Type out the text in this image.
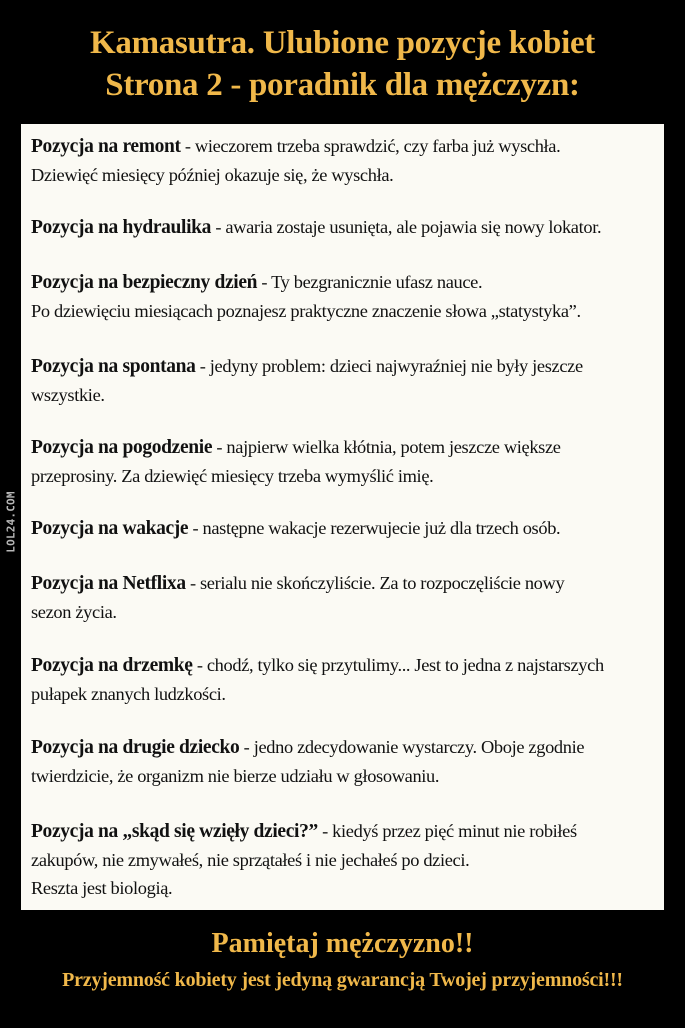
Kamasutra. Ulubione pozycje kobiet
Strona 2 - poradnik dla mężczyzn:
LOL24.COM
Pozycja na remont - wieczorem trzeba sprawdzić, czy farba już wyschła.
Dziewięć miesięcy później okazuje się, że wyschła.
Pozycja na hydraulika - awaria zostaje usunięta, ale pojawia się nowy lokator.
Pozycja na bezpieczny dzień - Ty bezgranicznie ufasz nauce.
Po dziewięciu miesiącach poznajesz praktyczne znaczenie słowa „statystyka”.
Pozycja na spontana - jedyny problem: dzieci najwyraźniej nie były jeszcze
wszystkie.
Pozycja na pogodzenie - najpierw wielka kłótnia, potem jeszcze większe
przeprosiny. Za dziewięć miesięcy trzeba wymyślić imię.
Pozycja na wakacje - następne wakacje rezerwujecie już dla trzech osób.
Pozycja na Netflixa - serialu nie skończyliście. Za to rozpoczęliście nowy
sezon życia.
Pozycja na drzemkę - chodź, tylko się przytulimy... Jest to jedna z najstarszych
pułapek znanych ludzkości.
Pozycja na drugie dziecko - jedno zdecydowanie wystarczy. Oboje zgodnie
twierdzicie, że organizm nie bierze udziału w głosowaniu.
Pozycja na „skąd się wzięły dzieci?” - kiedyś przez pięć minut nie robiłeś
zakupów, nie zmywałeś, nie sprzątałeś i nie jechałeś po dzieci.
Reszta jest biologią.
Pamiętaj mężczyzno!!
Przyjemność kobiety jest jedyną gwarancją Twojej przyjemności!!!
